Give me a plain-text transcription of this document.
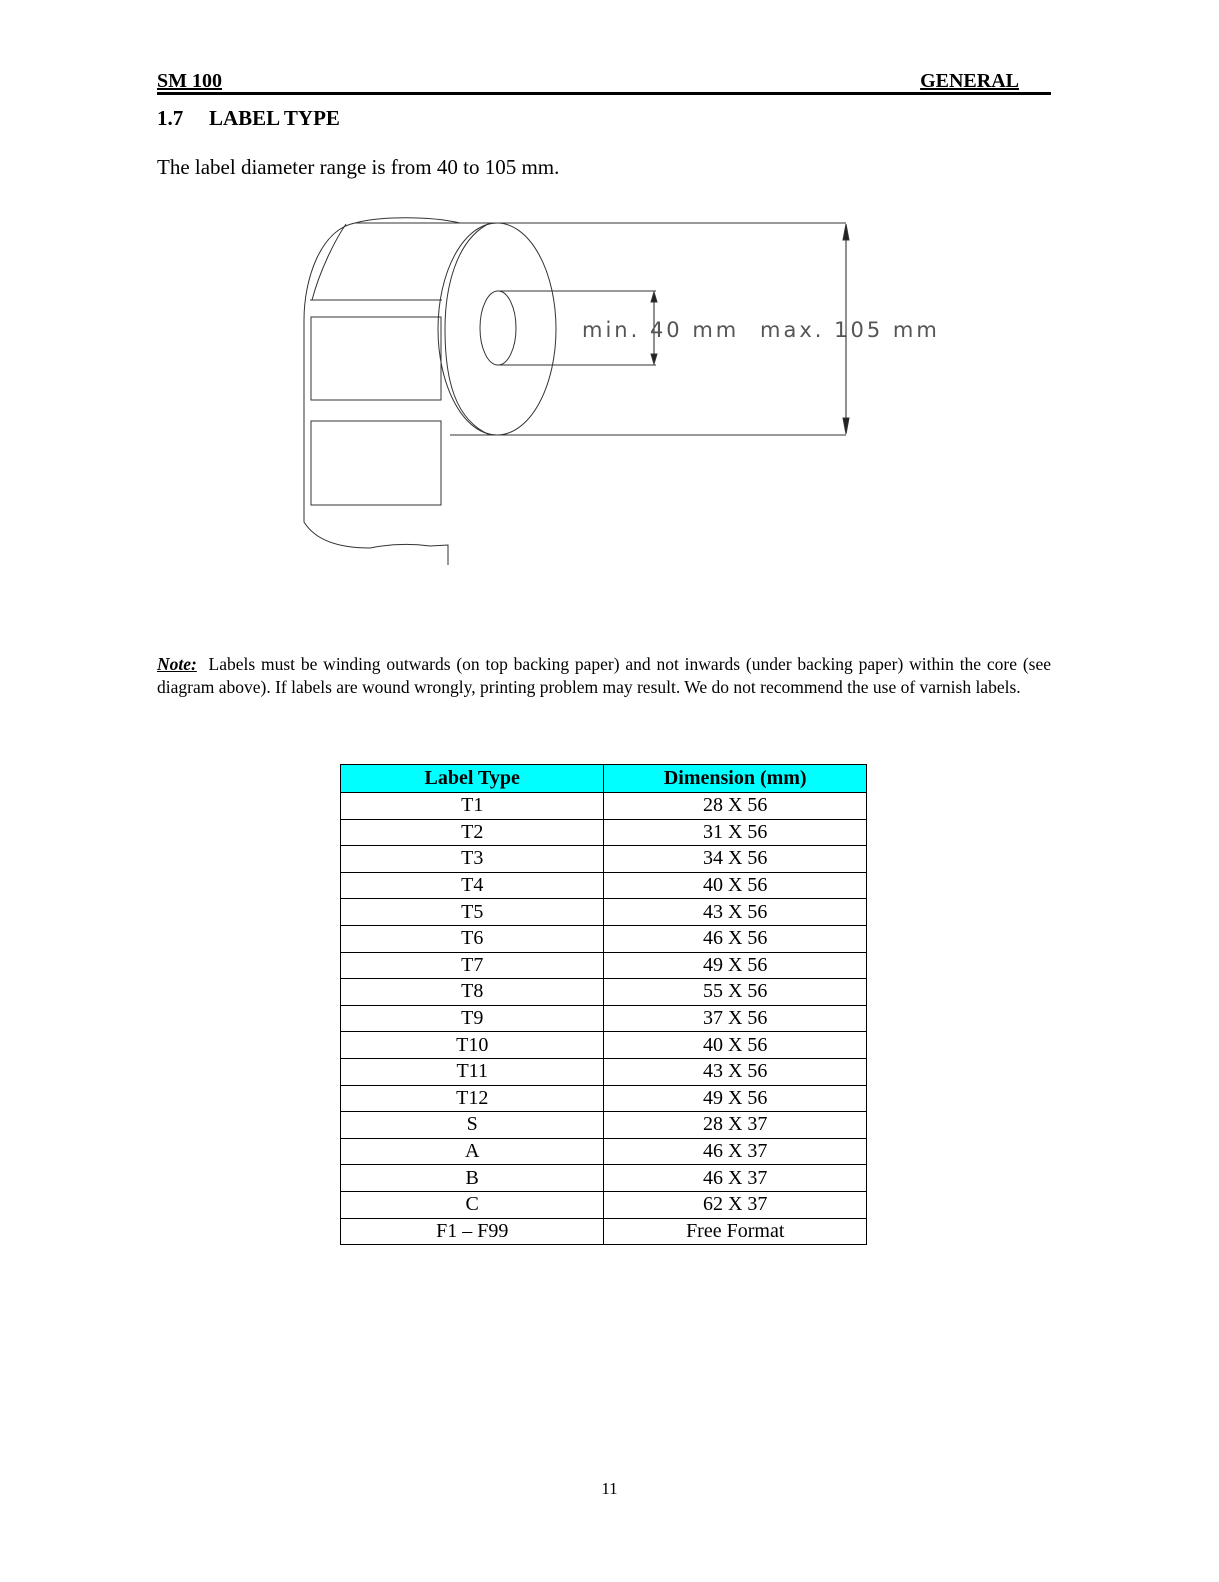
SM 100	GENERAL
1.7 LABEL TYPE
The label diameter range is from 40 to 105 mm.
min. 40 mm max. 105 mm
Note: Labels must be winding outwards (on top backing paper) and not inwards (under backing paper) within the core (see diagram above). If labels are wound wrongly, printing problem may result. We do not recommend the use of varnish labels.
Label Type	Dimension (mm)
T1	28 X 56
T2	31 X 56
T3	34 X 56
T4	40 X 56
T5	43 X 56
T6	46 X 56
T7	49 X 56
T8	55 X 56
T9	37 X 56
T10	40 X 56
T11	43 X 56
T12	49 X 56
S	28 X 37
A	46 X 37
B	46 X 37
C	62 X 37
F1 – F99	Free Format
11
